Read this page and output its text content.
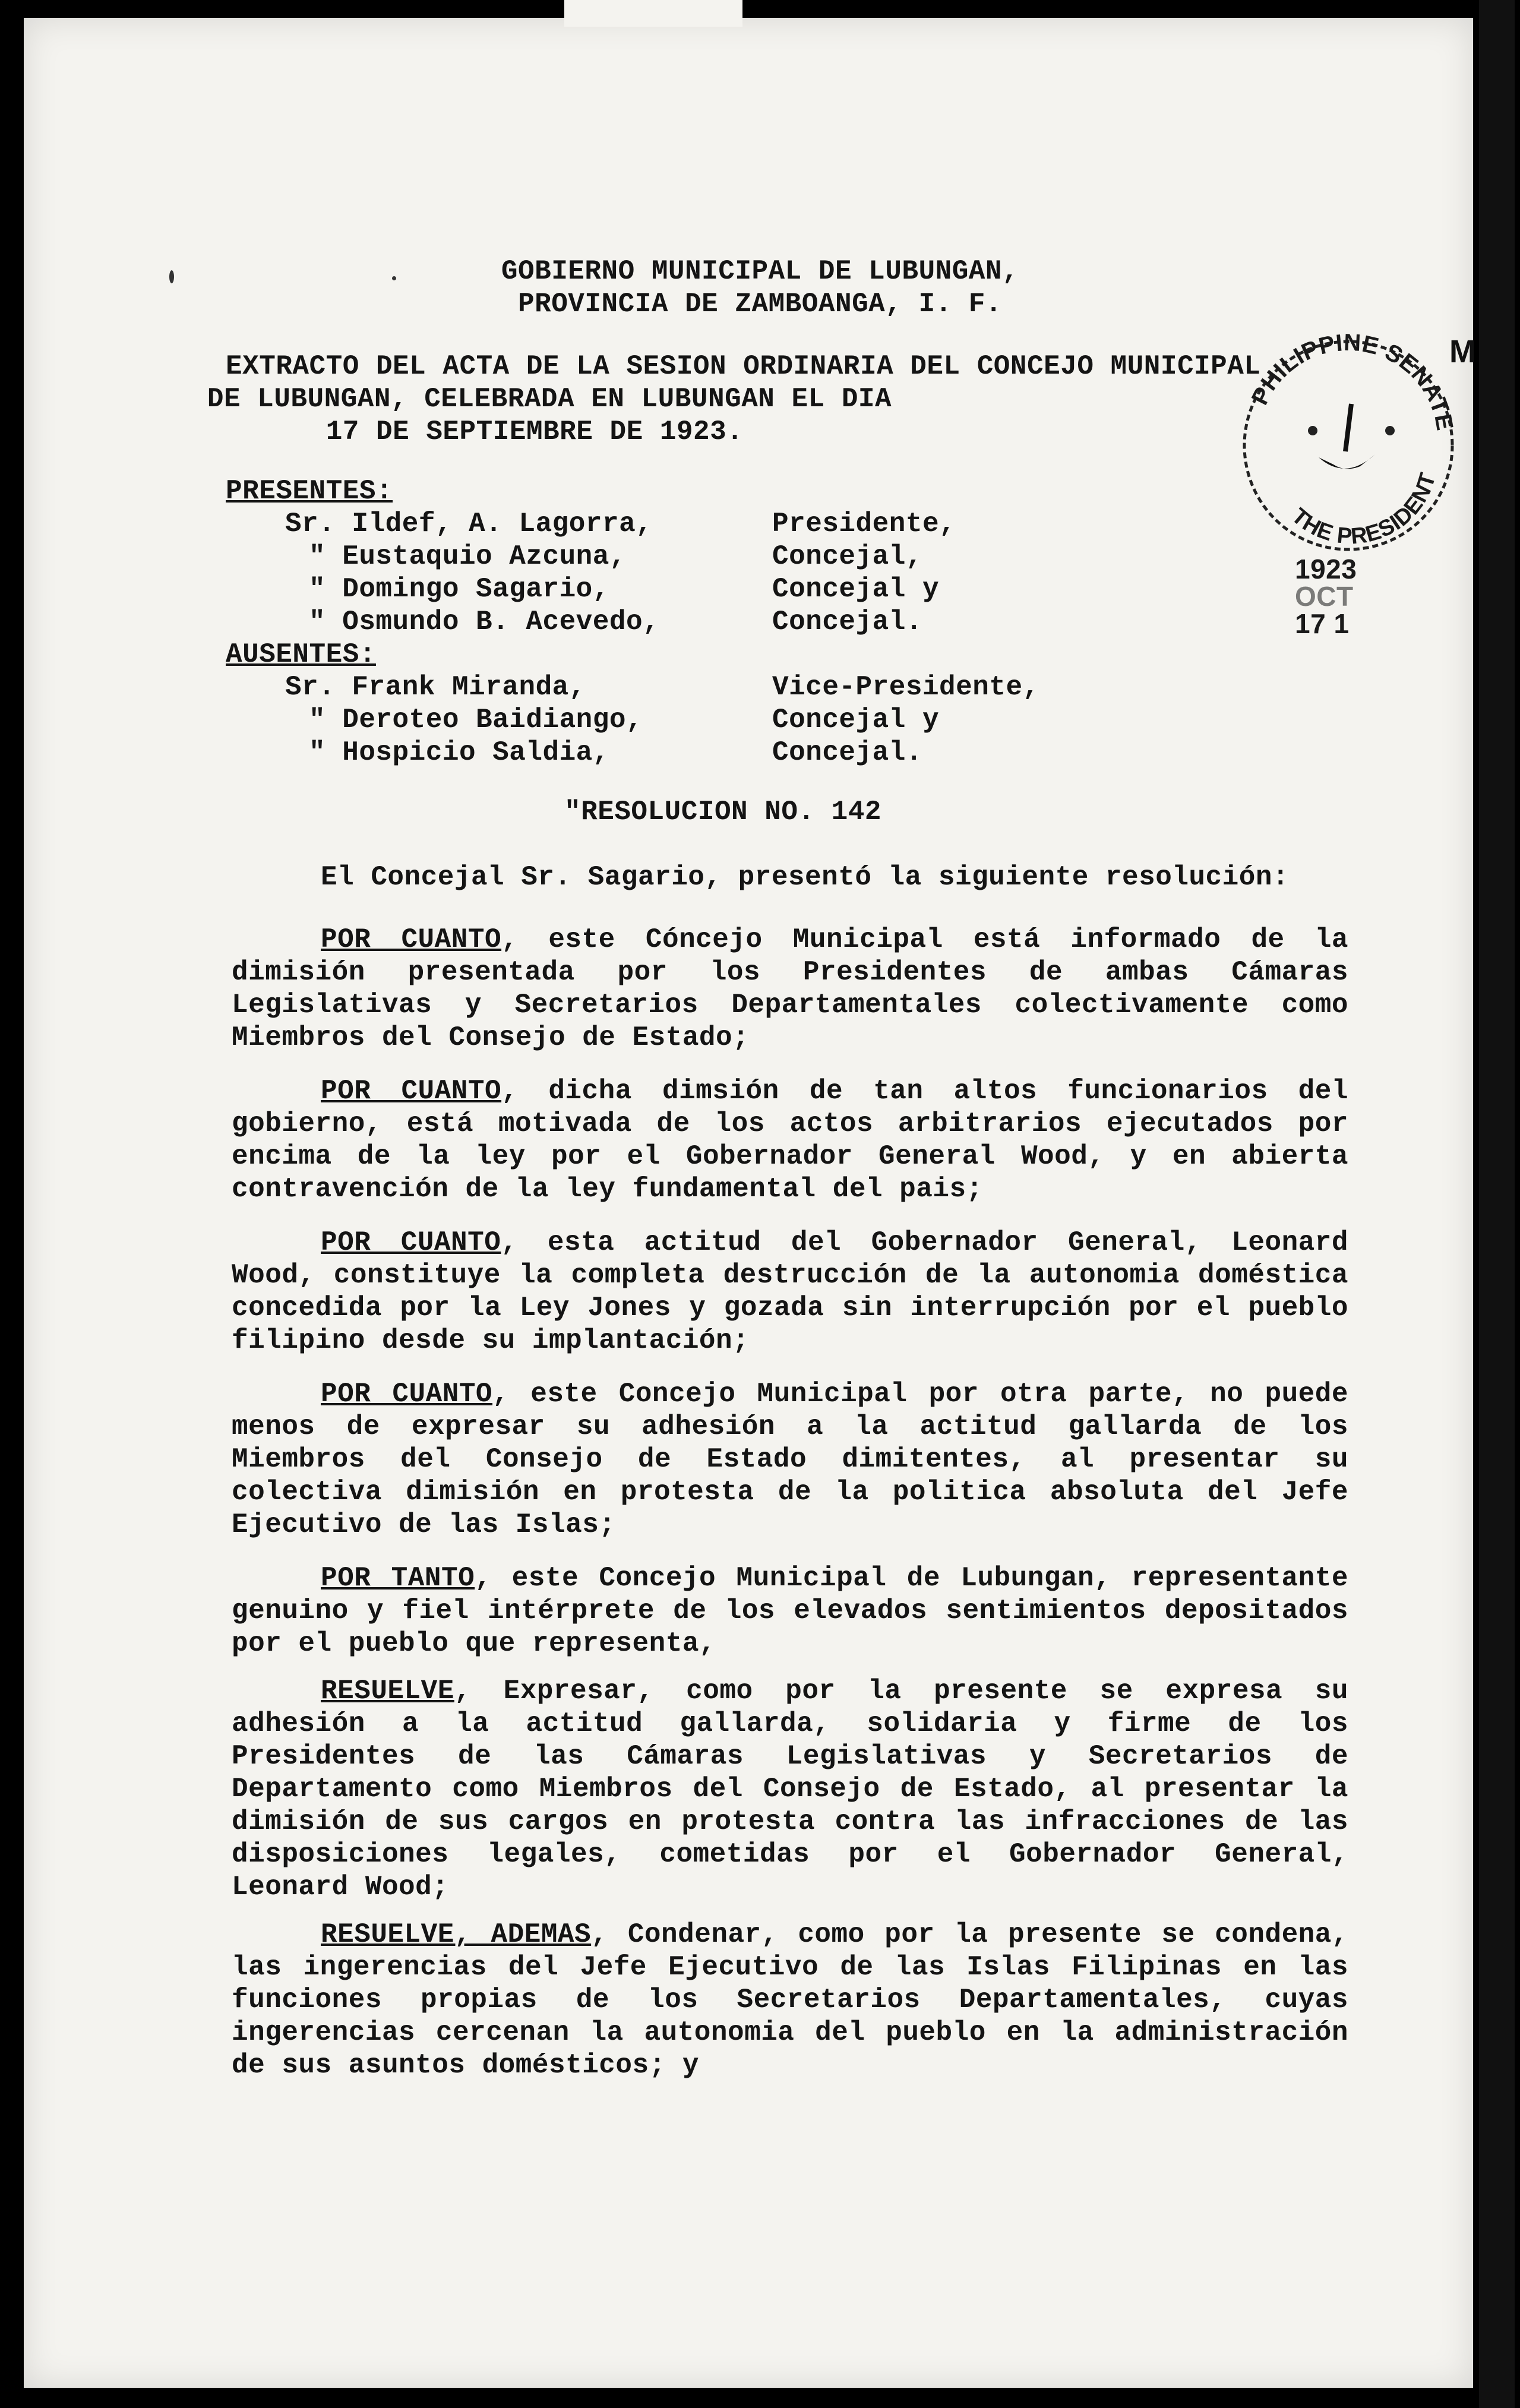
GOBIERNO MUNICIPAL DE LUBUNGAN,
PROVINCIA DE ZAMBOANGA, I. F.
EXTRACTO DEL ACTA DE LA SESION ORDINARIA DEL CONCEJO MUNICIPAL
DE LUBUNGAN, CELEBRADA EN LUBUNGAN EL DIA
17 DE SEPTIEMBRE DE 1923.
PRESENTES:
Sr. Ildef, A. Lagorra,	Presidente,
" Eustaquio Azcuna,	Concejal,
" Domingo Sagario,	Concejal y
" Osmundo B. Acevedo,	Concejal.
AUSENTES:
Sr. Frank Miranda,	Vice-Presidente,
" Deroteo Baidiango,	Concejal y
" Hospicio Saldia,	Concejal.
"RESOLUCION NO. 142
El Concejal Sr. Sagario, presentó la siguiente resolución:
POR CUANTO, este Cóncejo Municipal está informado de la dimisión presentada por los Presidentes de ambas Cámaras Legislativas y Secretarios Departamentales colectivamente como Miembros del Consejo de Estado;
POR CUANTO, dicha dimsión de tan altos funcionarios del gobierno, está motivada de los actos arbitrarios ejecutados por encima de la ley por el Gobernador General Wood, y en abierta contravención de la ley fundamental del pais;
POR CUANTO, esta actitud del Gobernador General, Leonard Wood, constituye la completa destrucción de la autonomia doméstica concedida por la Ley Jones y gozada sin interrupción por el pueblo filipino desde su implantación;
POR CUANTO, este Concejo Municipal por otra parte, no puede menos de expresar su adhesión a la actitud gallarda de los Miembros del Consejo de Estado dimitentes, al presentar su colectiva dimisión en protesta de la politica absoluta del Jefe Ejecutivo de las Islas;
POR TANTO, este Concejo Municipal de Lubungan, representante genuino y fiel intérprete de los elevados sentimientos depositados por el pueblo que representa,
RESUELVE, Expresar, como por la presente se expresa su adhesión a la actitud gallarda, solidaria y firme de los Presidentes de las Cámaras Legislativas y Secretarios de Departamento como Miembros del Consejo de Estado, al presentar la dimisión de sus cargos en protesta contra las infracciones de las disposiciones legales, cometidas por el Gobernador General, Leonard Wood;
RESUELVE, ADEMAS, Condenar, como por la presente se condena, las ingerencias del Jefe Ejecutivo de las Islas Filipinas en las funciones propias de los Secretarios Departamentales, cuyas ingerencias cercenan la autonomia del pueblo en la administración de sus asuntos domésticos; y
PHILIPPINE SENATE
THE PRESIDENT
1923
OCT
17 1
M
